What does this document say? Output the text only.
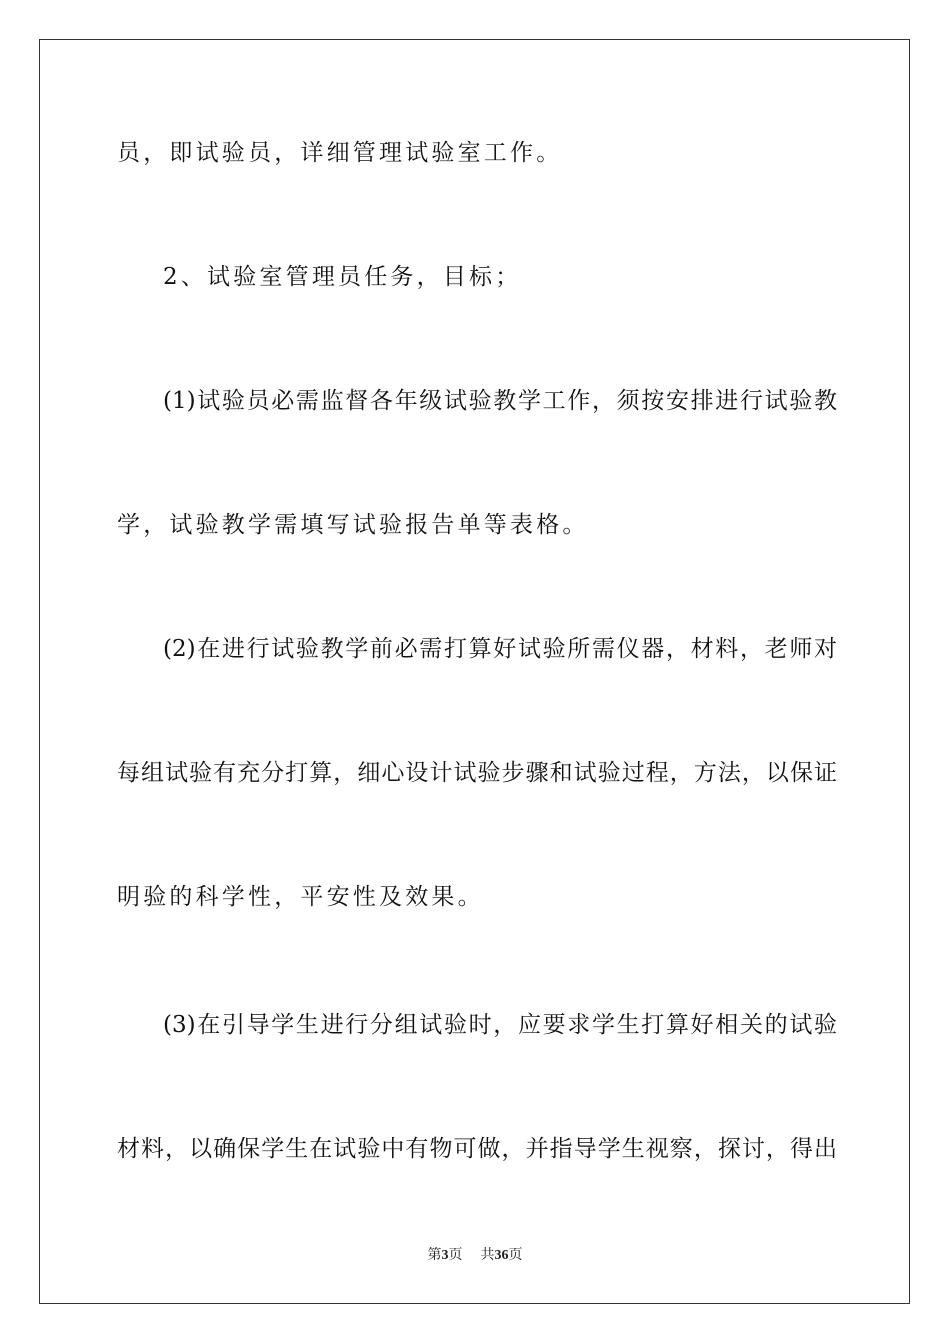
员，即试验员，详细管理试验室工作。
2、试验室管理员任务，目标；
(1)试验员必需监督各年级试验教学工作，须按安排进行试验教
学，试验教学需填写试验报告单等表格。
(2)在进行试验教学前必需打算好试验所需仪器，材料，老师对
每组试验有充分打算，细心设计试验步骤和试验过程，方法，以保证
明验的科学性，平安性及效果。
(3)在引导学生进行分组试验时，应要求学生打算好相关的试验
材料，以确保学生在试验中有物可做，并指导学生视察，探讨，得出
第3页 共36页
